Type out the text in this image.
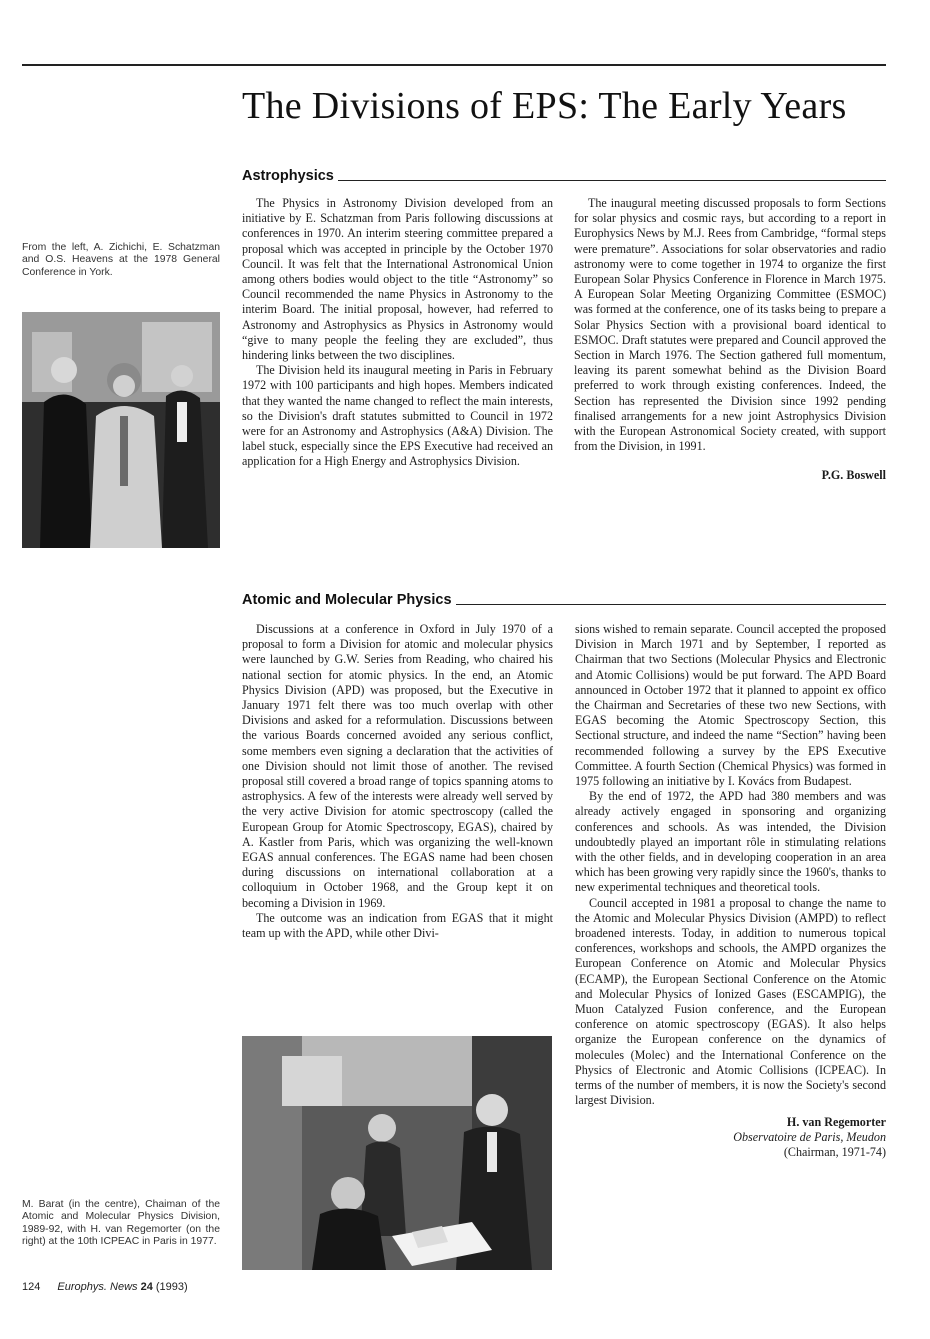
The Divisions of EPS: The Early Years
Astrophysics
From the left, A. Zichichi, E. Schatzman and O.S. Heavens at the 1978 General Conference in York.

The Physics in Astronomy Division developed from an initiative by E. Schatzman from Paris following discussions at conferences in 1970. An interim steering committee prepared a proposal which was accepted in principle by the October 1970 Council. It was felt that the International Astronomical Union among others bodies would object to the title “Astronomy” so Council recommended the name Physics in Astronomy to the interim Board. The initial proposal, however, had referred to Astronomy and Astrophysics as Physics in Astronomy would “give to many people the feeling they are excluded”, thus hindering links between the two disciplines.

The Division held its inaugural meeting in Paris in February 1972 with 100 participants and high hopes. Members indicated that they wanted the name changed to reflect the main interests, so the Division's draft statutes submitted to Council in 1972 were for an Astronomy and Astrophysics (A&A) Division. The label stuck, especially since the EPS Executive had received an application for a High Energy and Astrophysics Division.

The inaugural meeting discussed proposals to form Sections for solar physics and cosmic rays, but according to a report in Europhysics News by M.J. Rees from Cambridge, “formal steps were premature”. Associations for solar observatories and radio astronomy were to come together in 1974 to organize the first European Solar Physics Conference in Florence in March 1975. A European Solar Meeting Organizing Committee (ESMOC) was formed at the conference, one of its tasks being to prepare a Solar Physics Section with a provisional board identical to ESMOC. Draft statutes were prepared and Council approved the Section in March 1976. The Section gathered full momentum, leaving its parent somewhat behind as the Division Board preferred to work through existing conferences. Indeed, the Section has represented the Division since 1992 pending finalised arrangements for a new joint Astrophysics Division with the European Astronomical Society created, with support from the Division, in 1991.

P.G. Boswell
Atomic and Molecular Physics

Discussions at a conference in Oxford in July 1970 of a proposal to form a Division for atomic and molecular physics were launched by G.W. Series from Reading, who chaired his national section for atomic physics. In the end, an Atomic Physics Division (APD) was proposed, but the Executive in January 1971 felt there was too much overlap with other Divisions and asked for a reformulation. Discussions between the various Boards concerned avoided any serious conflict, some members even signing a declaration that the activities of one Division should not limit those of another. The revised proposal still covered a broad range of topics spanning atoms to astrophysics. A few of the interests were already well served by the very active Division for atomic spectroscopy (called the European Group for Atomic Spectroscopy, EGAS), chaired by A. Kastler from Paris, which was organizing the well-known EGAS annual conferences. The EGAS name had been chosen during discussions on international collaboration at a colloquium in October 1968, and the Group kept it on becoming a Division in 1969.

The outcome was an indication from EGAS that it might team up with the APD, while other Divi-

M. Barat (in the centre), Chaiman of the Atomic and Molecular Physics Division, 1989-92, with H. van Regemorter (on the right) at the 10th ICPEAC in Paris in 1977.

sions wished to remain separate. Council accepted the proposed Division in March 1971 and by September, I reported as Chairman that two Sections (Molecular Physics and Electronic and Atomic Collisions) would be put forward. The APD Board announced in October 1972 that it planned to appoint ex offico the Chairman and Secretaries of these two new Sections, with EGAS becoming the Atomic Spectroscopy Section, this Sectional structure, and indeed the name “Section” having been recommended following a survey by the EPS Executive Committee. A fourth Section (Chemical Physics) was formed in 1975 following an initiative by I. Kovács from Budapest.

By the end of 1972, the APD had 380 members and was already actively engaged in sponsoring and organizing conferences and schools. As was intended, the Division undoubtedly played an important rôle in stimulating relations with the other fields, and in developing cooperation in an area which has been growing very rapidly since the 1960's, thanks to new experimental techniques and theoretical tools.

Council accepted in 1981 a proposal to change the name to the Atomic and Molecular Physics Division (AMPD) to reflect broadened interests. Today, in addition to numerous topical conferences, workshops and schools, the AMPD organizes the European Conference on Atomic and Molecular Physics (ECAMP), the European Sectional Conference on the Atomic and Molecular Physics of Ionized Gases (ESCAMPIG), the Muon Catalyzed Fusion conference, and the European conference on atomic spectroscopy (EGAS). It also helps organize the European conference on the dynamics of molecules (Molec) and the International Conference on the Physics of Electronic and Atomic Collisions (ICPEAC). In terms of the number of members, it is now the Society's second largest Division.

H. van Regemorter
Observatoire de Paris, Meudon
(Chairman, 1971-74)
124 Europhys. News 24 (1993)
